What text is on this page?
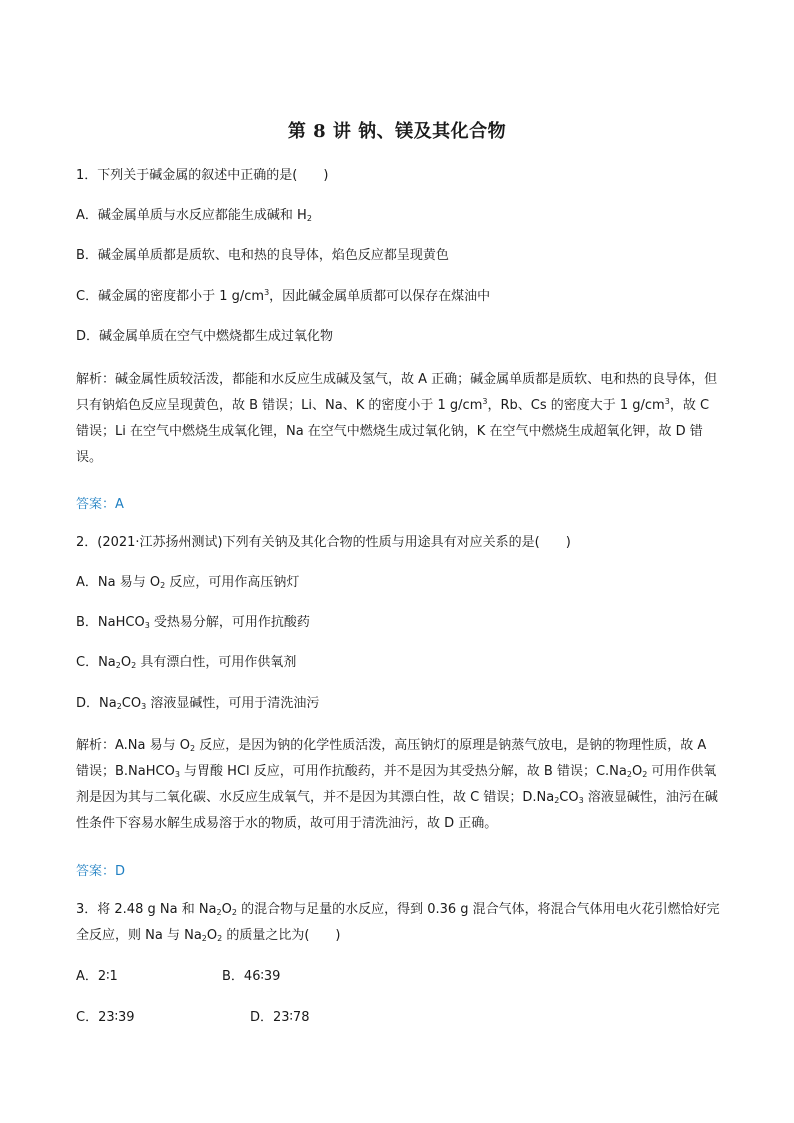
第 8 讲 钠、镁及其化合物
1．下列关于碱金属的叙述中正确的是(　　)
A．碱金属单质与水反应都能生成碱和 $H_2$
B．碱金属单质都是质软、电和热的良导体，焰色反应都呈现黄色
C．碱金属的密度都小于 1 $g/cm^3$，因此碱金属单质都可以保存在煤油中
D．碱金属单质在空气中燃烧都生成过氧化物
解析：碱金属性质较活泼，都能和水反应生成碱及氢气，故 A 正确；碱金属单质都是质软、电和热的良导体，但只有钠焰色反应呈现黄色，故 B 错误；Li、Na、K 的密度小于 1 $g/cm^3$，Rb、Cs 的密度大于 1 $g/cm^3$，故 C 错误；Li 在空气中燃烧生成氧化锂，Na 在空气中燃烧生成过氧化钠，K 在空气中燃烧生成超氧化钾，故 D 错误。
答案：A
2．(2021·江苏扬州测试)下列有关钠及其化合物的性质与用途具有对应关系的是(　　)
A．Na 易与 $O_2$ 反应，可用作高压钠灯
B．NaHCO$_3$ 受热易分解，可用作抗酸药
C．$Na_2O_2$ 具有漂白性，可用作供氧剂
D．$Na_2CO_3$ 溶液显碱性，可用于清洗油污
解析：A.Na 易与 $O_2$ 反应，是因为钠的化学性质活泼，高压钠灯的原理是钠蒸气放电，是钠的物理性质，故 A 错误；B.NaHCO$_3$ 与胃酸 HCl 反应，可用作抗酸药，并不是因为其受热分解，故 B 错误；$C.Na_2O_2$ 可用作供氧剂是因为其与二氧化碳、水反应生成氧气，并不是因为其漂白性，故 C 错误；$D.Na_2CO_3$ 溶液显碱性，油污在碱性条件下容易水解生成易溶于水的物质，故可用于清洗油污，故 D 正确。
答案：D
3．将 2.48 g Na 和 $Na_2O_2$ 的混合物与足量的水反应，得到 0.36 g 混合气体，将混合气体用电火花引燃恰好完全反应，则 Na 与 $Na_2O_2$ 的质量之比为(　　)
A．2∶1	B．46∶39
C．23∶39	D．23∶78
